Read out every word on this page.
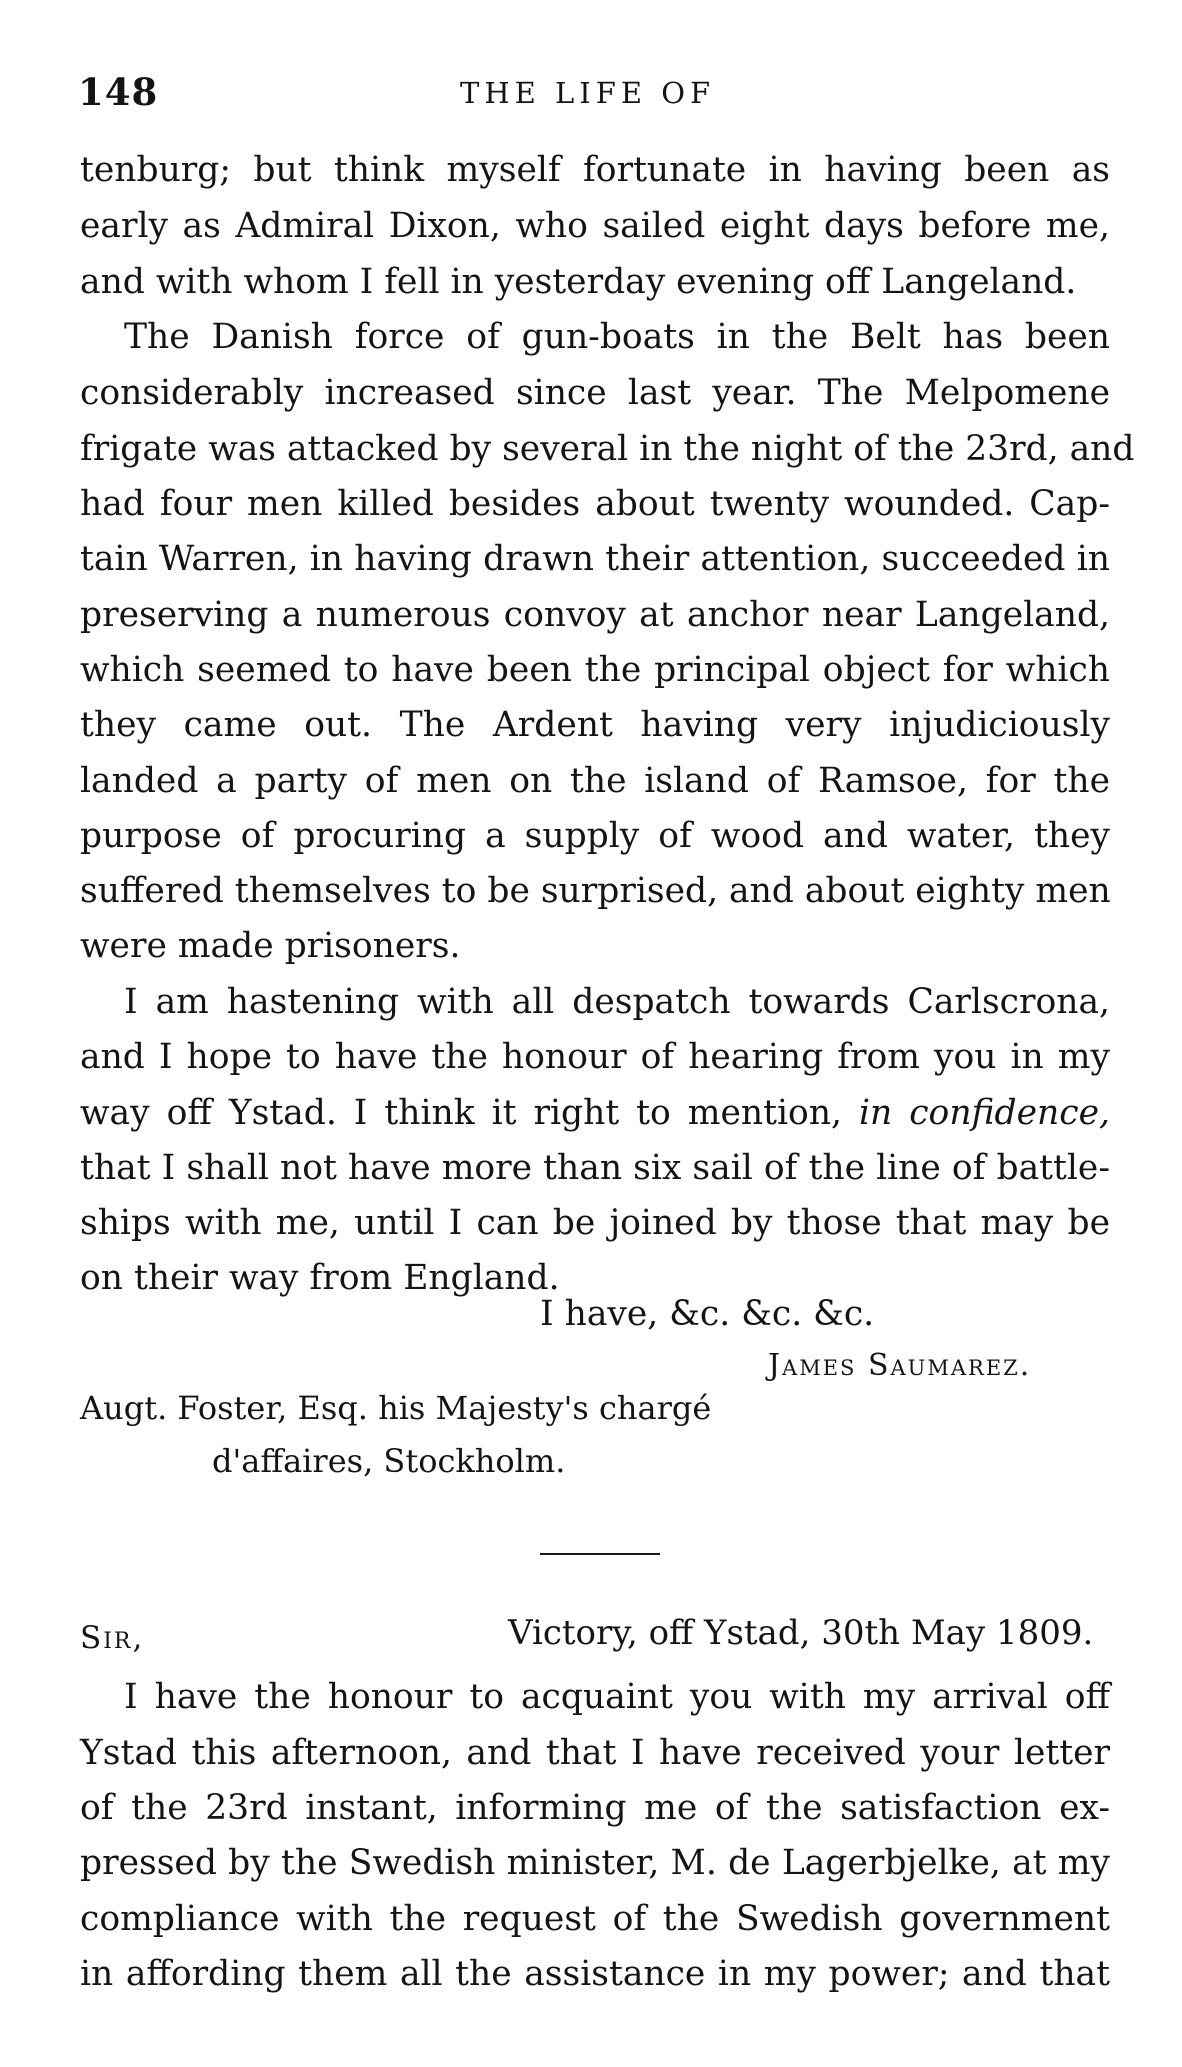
148	THE LIFE OF
tenburg; but think myself fortunate in having been as
early as Admiral Dixon, who sailed eight days before me,
and with whom I fell in yesterday evening off Langeland.
The Danish force of gun-boats in the Belt has been
considerably increased since last year. The Melpomene
frigate was attacked by several in the night of the 23rd, and
had four men killed besides about twenty wounded. Cap-
tain Warren, in having drawn their attention, succeeded in
preserving a numerous convoy at anchor near Langeland,
which seemed to have been the principal object for which
they came out. The Ardent having very injudiciously
landed a party of men on the island of Ramsoe, for the
purpose of procuring a supply of wood and water, they
suffered themselves to be surprised, and about eighty men
were made prisoners.
I am hastening with all despatch towards Carlscrona,
and I hope to have the honour of hearing from you in my
way off Ystad. I think it right to mention, in confidence,
that I shall not have more than six sail of the line of battle-
ships with me, until I can be joined by those that may be
on their way from England.
I have, &c. &c. &c.
James Saumarez.
Augt. Foster, Esq. his Majesty's chargé
d'affaires, Stockholm.
Sir,	Victory, off Ystad, 30th May 1809.
I have the honour to acquaint you with my arrival off
Ystad this afternoon, and that I have received your letter
of the 23rd instant, informing me of the satisfaction ex-
pressed by the Swedish minister, M. de Lagerbjelke, at my
compliance with the request of the Swedish government
in affording them all the assistance in my power; and that
